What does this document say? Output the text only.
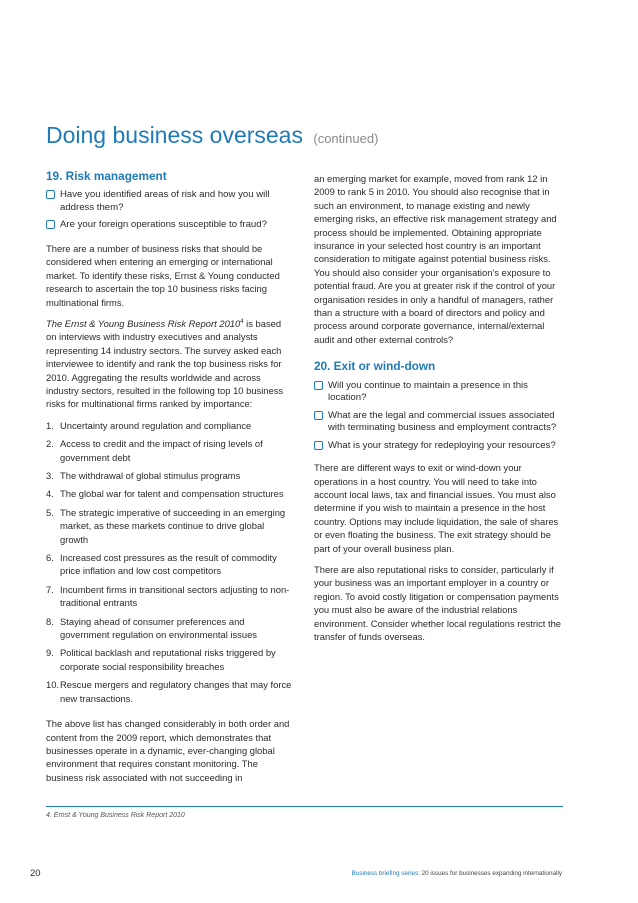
Doing business overseas (continued)
19. Risk management
Have you identified areas of risk and how you will address them?
Are your foreign operations susceptible to fraud?

There are a number of business risks that should be considered when entering an emerging or international market. To identify these risks, Ernst & Young conducted research to ascertain the top 10 business risks facing multinational firms.

The Ernst & Young Business Risk Report 2010$^4$ is based on interviews with industry executives and analysts representing 14 industry sectors. The survey asked each interviewee to identify and rank the top business risks for 2010. Aggregating the results worldwide and across industry sectors, resulted in the following top 10 business risks for multinational firms ranked by importance:

1. Uncertainty around regulation and compliance
2. Access to credit and the impact of rising levels of government debt
3. The withdrawal of global stimulus programs
4. The global war for talent and compensation structures
5. The strategic imperative of succeeding in an emerging market, as these markets continue to drive global growth
6. Increased cost pressures as the result of commodity price inflation and low cost competitors
7. Incumbent firms in transitional sectors adjusting to non-traditional entrants
8. Staying ahead of consumer preferences and government regulation on environmental issues
9. Political backlash and reputational risks triggered by corporate social responsibility breaches
10. Rescue mergers and regulatory changes that may force new transactions.

The above list has changed considerably in both order and content from the 2009 report, which demonstrates that businesses operate in a dynamic, ever-changing global environment that requires constant monitoring. The business risk associated with not succeeding in

an emerging market for example, moved from rank 12 in 2009 to rank 5 in 2010. You should also recognise that in such an environment, to manage existing and newly emerging risks, an effective risk management strategy and process should be implemented. Obtaining appropriate insurance in your selected host country is an important consideration to mitigate against potential business risks.

You should also consider your organisation's exposure to potential fraud. Are you at greater risk if the control of your organisation resides in only a handful of managers, rather than a structure with a board of directors and policy and process around corporate governance, internal/external audit and other external controls?

20. Exit or wind-down
Will you continue to maintain a presence in this location?
What are the legal and commercial issues associated with terminating business and employment contracts?
What is your strategy for redeploying your resources?

There are different ways to exit or wind-down your operations in a host country. You will need to take into account local laws, tax and financial issues. You must also determine if you wish to maintain a presence in the host country. Options may include liquidation, the sale of shares or even floating the business. The exit strategy should be part of your overall business plan.

There are also reputational risks to consider, particularly if your business was an important employer in a country or region. To avoid costly litigation or compensation payments you must also be aware of the industrial relations environment. Consider whether local regulations restrict the transfer of funds overseas.

4. Ernst & Young Business Risk Report 2010
20	Business briefing series: 20 issues for businesses expanding internationally
